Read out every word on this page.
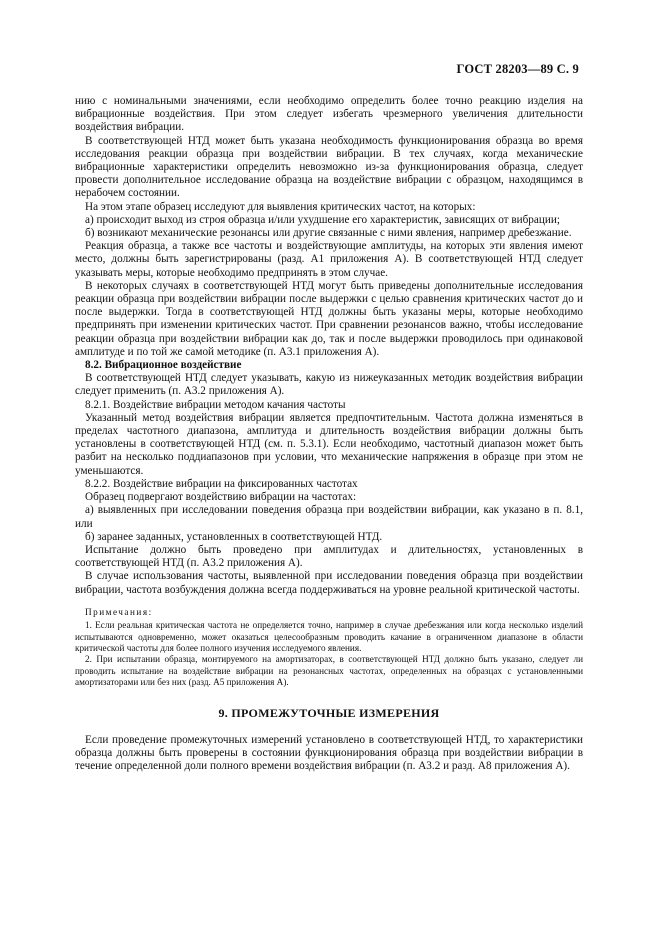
ГОСТ 28203—89 С. 9

нию с номинальными значениями, если необходимо определить более точно реакцию изделия на вибрационные воздействия. При этом следует избегать чрезмерного увеличения длительности воздействия вибрации.

В соответствующей НТД может быть указана необходимость функционирования образца во время исследования реакции образца при воздействии вибрации. В тех случаях, когда механические вибрационные характеристики определить невозможно из-за функционирования образца, следует провести дополнительное исследование образца на воздействие вибрации с образцом, находящимся в нерабочем состоянии.

На этом этапе образец исследуют для выявления критических частот, на которых:

а) происходит выход из строя образца и/или ухудшение его характеристик, зависящих от вибрации;

б) возникают механические резонансы или другие связанные с ними явления, например дребезжание.

Реакция образца, а также все частоты и воздействующие амплитуды, на которых эти явления имеют место, должны быть зарегистрированы (разд. А1 приложения А). В соответствующей НТД следует указывать меры, которые необходимо предпринять в этом случае.

В некоторых случаях в соответствующей НТД могут быть приведены дополнительные исследования реакции образца при воздействии вибрации после выдержки с целью сравнения критических частот до и после выдержки. Тогда в соответствующей НТД должны быть указаны меры, которые необходимо предпринять при изменении критических частот. При сравнении резонансов важно, чтобы исследование реакции образца при воздействии вибрации как до, так и после выдержки проводилось при одинаковой амплитуде и по той же самой методике (п. А3.1 приложения А).

8.2. Вибрационное воздействие

В соответствующей НТД следует указывать, какую из нижеуказанных методик воздействия вибрации следует применить (п. А3.2 приложения А).

8.2.1. Воздействие вибрации методом качания частоты

Указанный метод воздействия вибрации является предпочтительным. Частота должна изменяться в пределах частотного диапазона, амплитуда и длительность воздействия вибрации должны быть установлены в соответствующей НТД (см. п. 5.3.1). Если необходимо, частотный диапазон может быть разбит на несколько поддиапазонов при условии, что механические напряжения в образце при этом не уменьшаются.

8.2.2. Воздействие вибрации на фиксированных частотах

Образец подвергают воздействию вибрации на частотах:

а) выявленных при исследовании поведения образца при воздействии вибрации, как указано в п. 8.1, или

б) заранее заданных, установленных в соответствующей НТД.

Испытание должно быть проведено при амплитудах и длительностях, установленных в соответствующей НТД (п. А3.2 приложения А).

В случае использования частоты, выявленной при исследовании поведения образца при воздействии вибрации, частота возбуждения должна всегда поддерживаться на уровне реальной критической частоты.

Примечания:

1. Если реальная критическая частота не определяется точно, например в случае дребезжания или когда несколько изделий испытываются одновременно, может оказаться целесообразным проводить качание в ограниченном диапазоне в области критической частоты для более полного изучения исследуемого явления.

2. При испытании образца, монтируемого на амортизаторах, в соответствующей НТД должно быть указано, следует ли проводить испытание на воздействие вибрации на резонансных частотах, определенных на образцах с установленными амортизаторами или без них (разд. А5 приложения А).

9. ПРОМЕЖУТОЧНЫЕ ИЗМЕРЕНИЯ

Если проведение промежуточных измерений установлено в соответствующей НТД, то характеристики образца должны быть проверены в состоянии функционирования образца при воздействии вибрации в течение определенной доли полного времени воздействия вибрации (п. А3.2 и разд. А8 приложения А).
